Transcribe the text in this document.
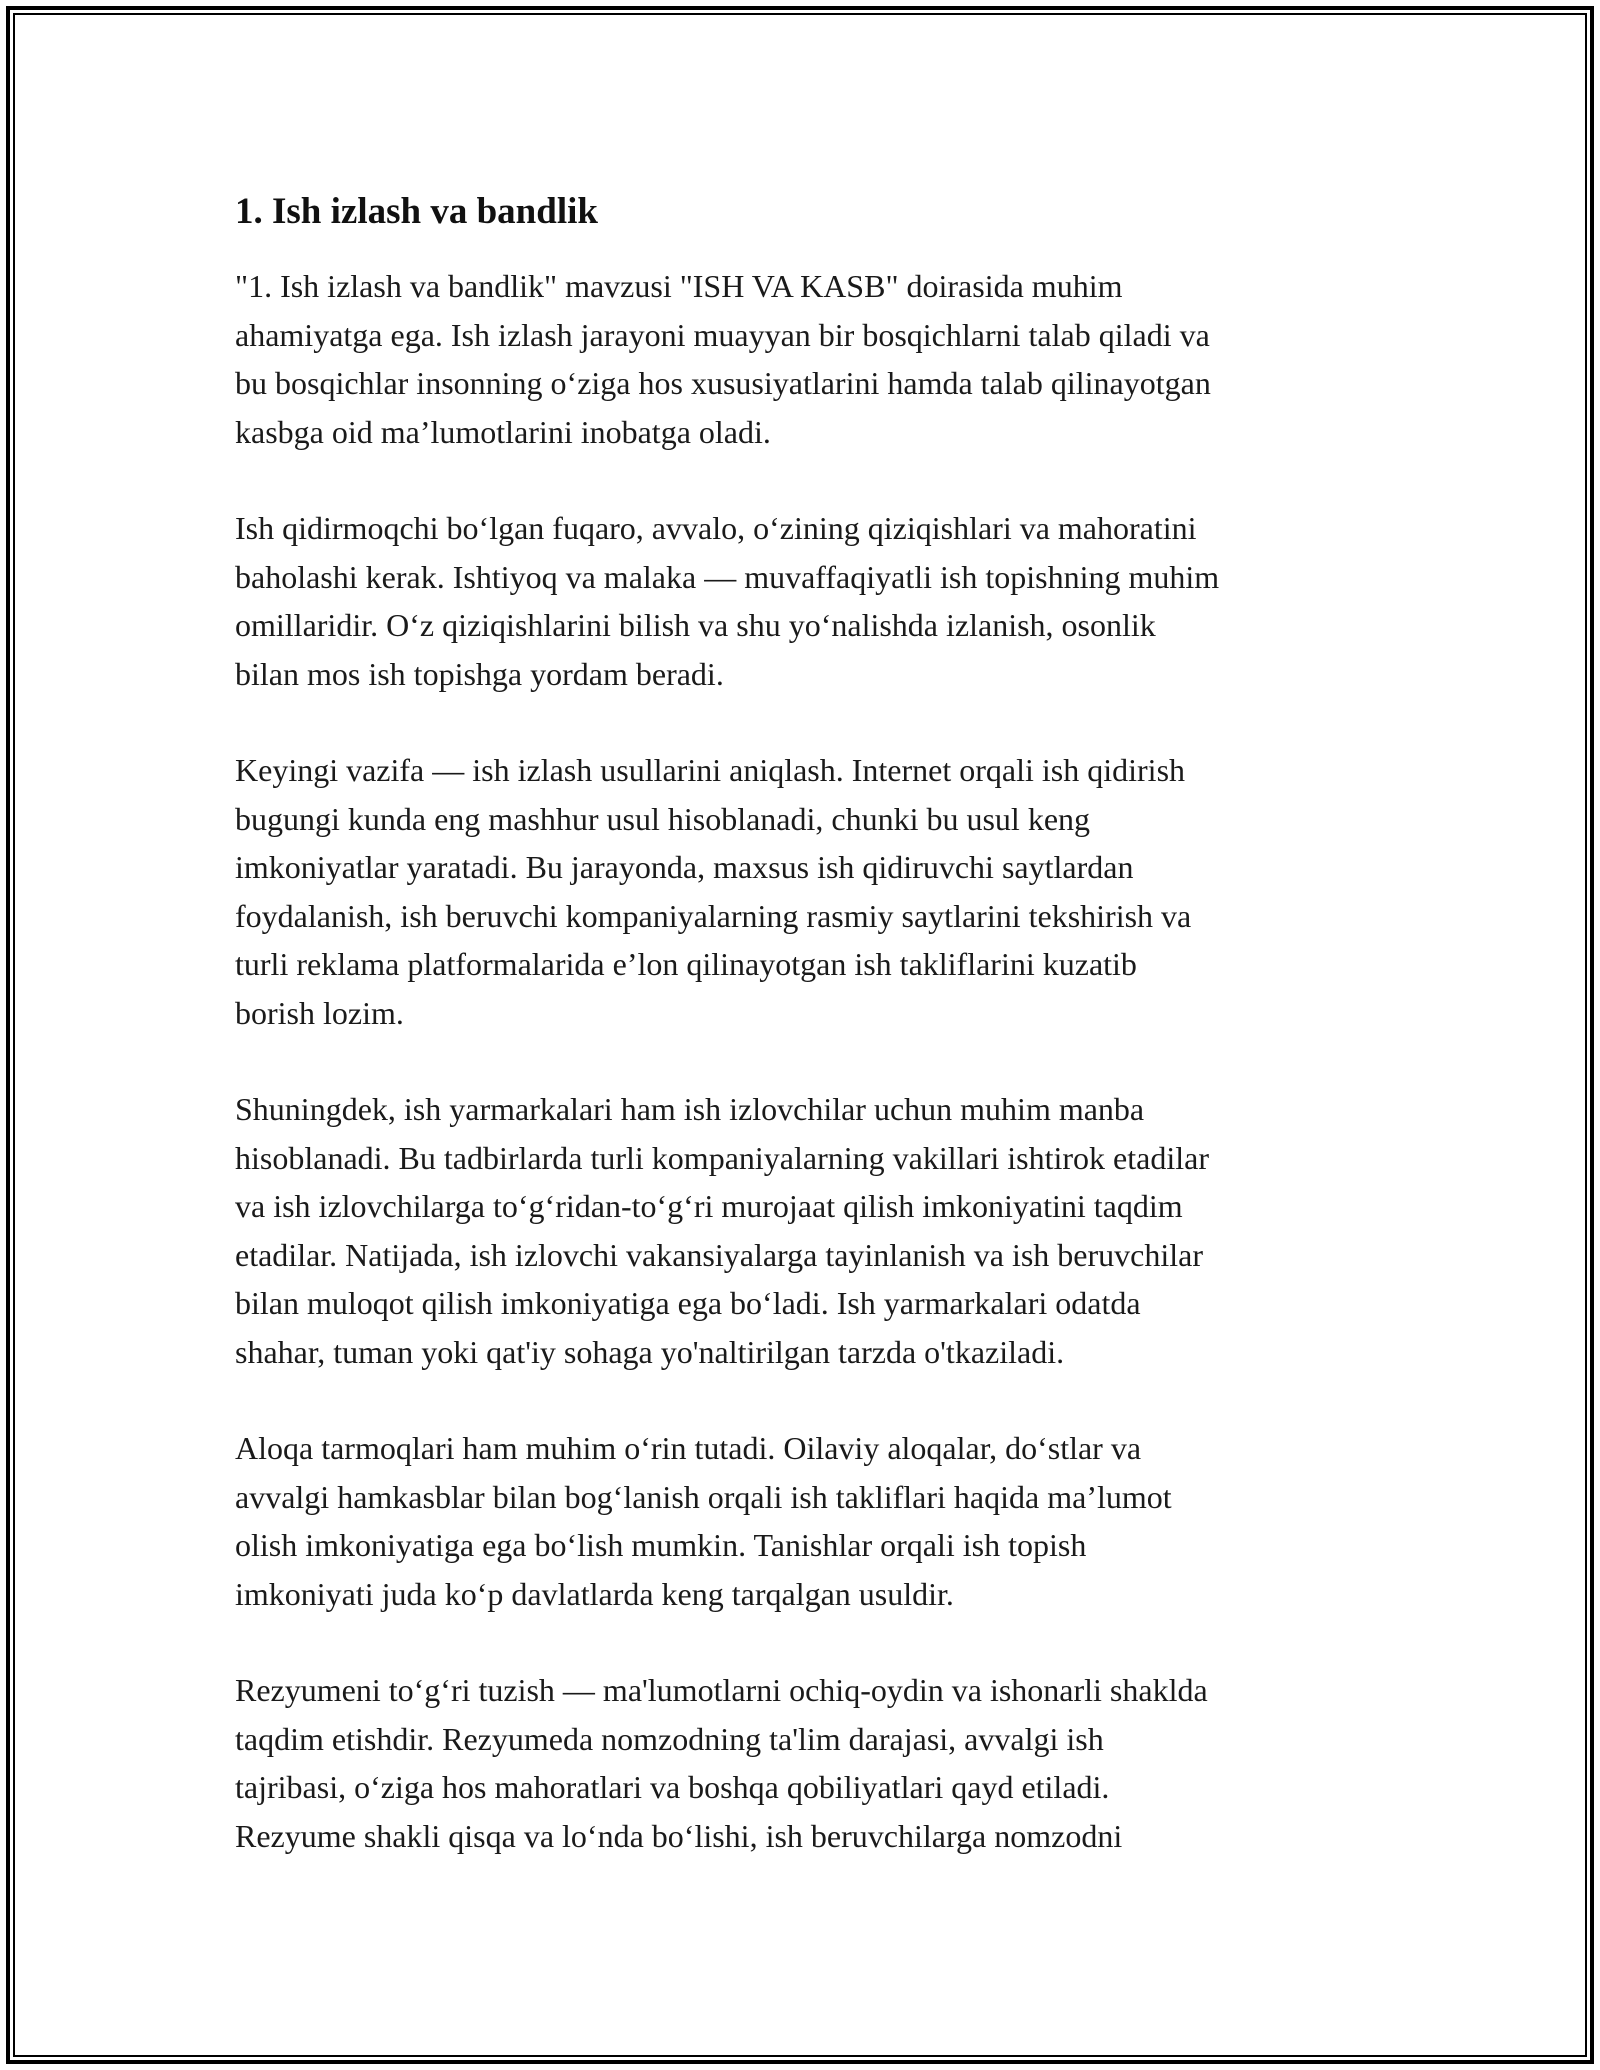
1. Ish izlash va bandlik

"1. Ish izlash va bandlik" mavzusi "ISH VA KASB" doirasida muhim
ahamiyatga ega. Ish izlash jarayoni muayyan bir bosqichlarni talab qiladi va
bu bosqichlar insonning o‘ziga hos xususiyatlarini hamda talab qilinayotgan
kasbga oid ma’lumotlarini inobatga oladi.

Ish qidirmoqchi bo‘lgan fuqaro, avvalo, o‘zining qiziqishlari va mahoratini
baholashi kerak. Ishtiyoq va malaka — muvaffaqiyatli ish topishning muhim
omillaridir. O‘z qiziqishlarini bilish va shu yo‘nalishda izlanish, osonlik
bilan mos ish topishga yordam beradi.

Keyingi vazifa — ish izlash usullarini aniqlash. Internet orqali ish qidirish
bugungi kunda eng mashhur usul hisoblanadi, chunki bu usul keng
imkoniyatlar yaratadi. Bu jarayonda, maxsus ish qidiruvchi saytlardan
foydalanish, ish beruvchi kompaniyalarning rasmiy saytlarini tekshirish va
turli reklama platformalarida e’lon qilinayotgan ish takliflarini kuzatib
borish lozim.

Shuningdek, ish yarmarkalari ham ish izlovchilar uchun muhim manba
hisoblanadi. Bu tadbirlarda turli kompaniyalarning vakillari ishtirok etadilar
va ish izlovchilarga to‘g‘ridan-to‘g‘ri murojaat qilish imkoniyatini taqdim
etadilar. Natijada, ish izlovchi vakansiyalarga tayinlanish va ish beruvchilar
bilan muloqot qilish imkoniyatiga ega bo‘ladi. Ish yarmarkalari odatda
shahar, tuman yoki qat'iy sohaga yo'naltirilgan tarzda o'tkaziladi.

Aloqa tarmoqlari ham muhim o‘rin tutadi. Oilaviy aloqalar, do‘stlar va
avvalgi hamkasblar bilan bog‘lanish orqali ish takliflari haqida ma’lumot
olish imkoniyatiga ega bo‘lish mumkin. Tanishlar orqali ish topish
imkoniyati juda ko‘p davlatlarda keng tarqalgan usuldir.

Rezyumeni to‘g‘ri tuzish — ma'lumotlarni ochiq-oydin va ishonarli shaklda
taqdim etishdir. Rezyumeda nomzodning ta'lim darajasi, avvalgi ish
tajribasi, o‘ziga hos mahoratlari va boshqa qobiliyatlari qayd etiladi.
Rezyume shakli qisqa va lo‘nda bo‘lishi, ish beruvchilarga nomzodni
